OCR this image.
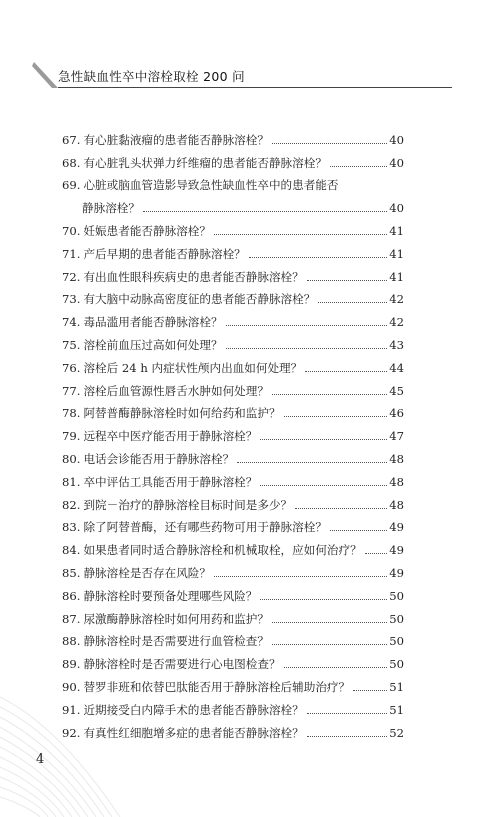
急性缺血性卒中溶栓取栓 200 问
67. 有心脏黏液瘤的患者能否静脉溶栓？	40
68. 有心脏乳头状弹力纤维瘤的患者能否静脉溶栓？	40
69. 心脏或脑血管造影导致急性缺血性卒中的患者能否
静脉溶栓？	40
70. 妊娠患者能否静脉溶栓？	41
71. 产后早期的患者能否静脉溶栓？	41
72. 有出血性眼科疾病史的患者能否静脉溶栓？	41
73. 有大脑中动脉高密度征的患者能否静脉溶栓？	42
74. 毒品滥用者能否静脉溶栓？	42
75. 溶栓前血压过高如何处理？	43
76. 溶栓后 24 h 内症状性颅内出血如何处理？	44
77. 溶栓后血管源性唇舌水肿如何处理？	45
78. 阿替普酶静脉溶栓时如何给药和监护？	46
79. 远程卒中医疗能否用于静脉溶栓？	47
80. 电话会诊能否用于静脉溶栓？	48
81. 卒中评估工具能否用于静脉溶栓？	48
82. 到院－治疗的静脉溶栓目标时间是多少？	48
83. 除了阿替普酶，还有哪些药物可用于静脉溶栓？	49
84. 如果患者同时适合静脉溶栓和机械取栓，应如何治疗？ 49
85. 静脉溶栓是否存在风险？	49
86. 静脉溶栓时要预备处理哪些风险？	50
87. 尿激酶静脉溶栓时如何用药和监护？	50
88. 静脉溶栓时是否需要进行血管检查？	50
89. 静脉溶栓时是否需要进行心电图检查？	50
90. 替罗非班和依替巴肽能否用于静脉溶栓后辅助治疗？	51
91. 近期接受白内障手术的患者能否静脉溶栓？	51
92. 有真性红细胞增多症的患者能否静脉溶栓？	52
4
